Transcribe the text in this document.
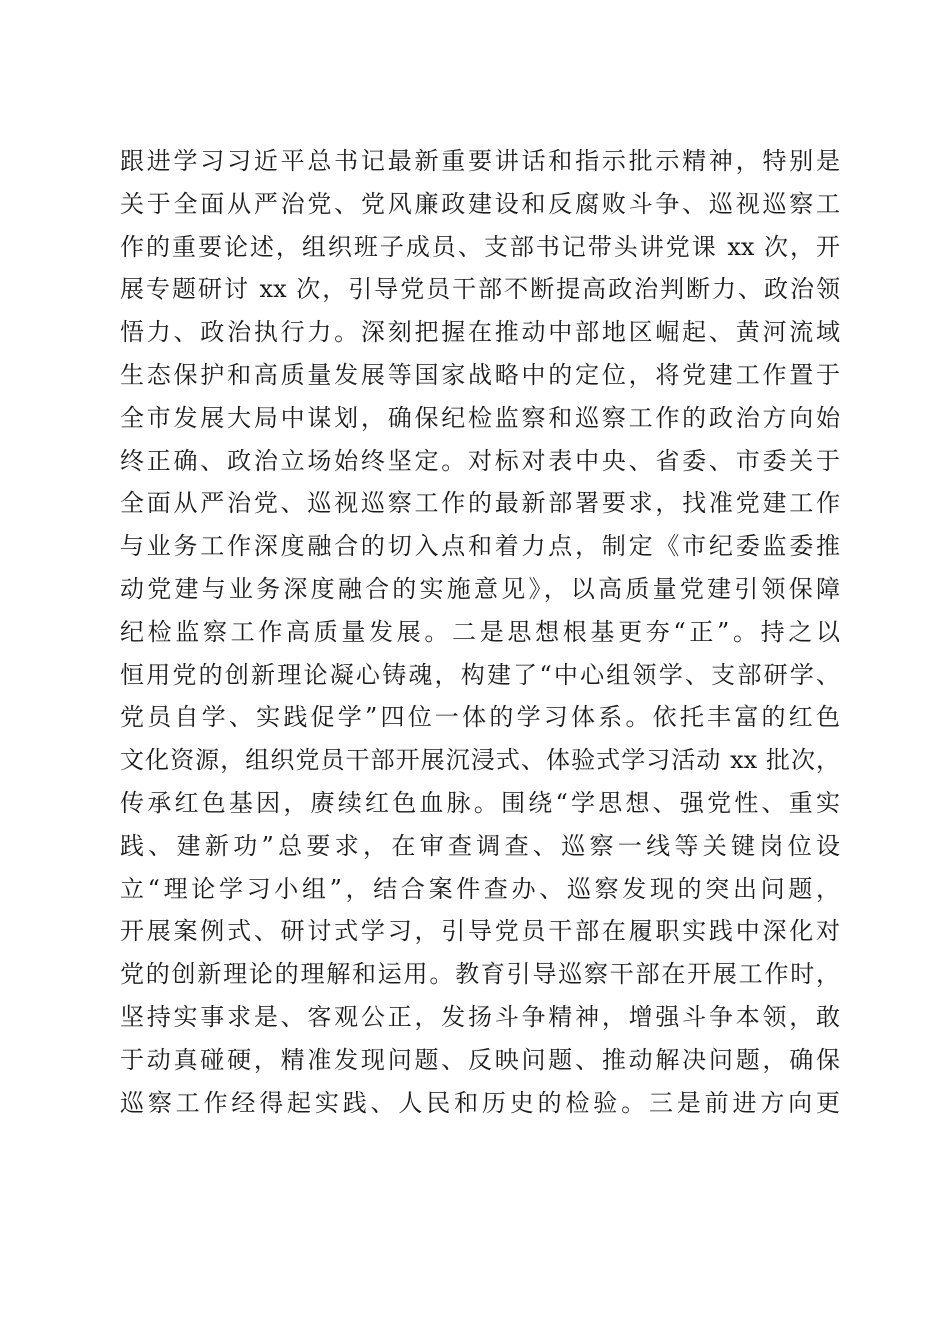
跟进学习习近平总书记最新重要讲话和指示批示精神，特别是
关于全面从严治党、党风廉政建设和反腐败斗争、巡视巡察工
作的重要论述，组织班子成员、支部书记带头讲党课 xx 次，开
展专题研讨 xx 次，引导党员干部不断提高政治判断力、政治领
悟力、政治执行力。深刻把握在推动中部地区崛起、黄河流域
生态保护和高质量发展等国家战略中的定位，将党建工作置于
全市发展大局中谋划，确保纪检监察和巡察工作的政治方向始
终正确、政治立场始终坚定。对标对表中央、省委、市委关于
全面从严治党、巡视巡察工作的最新部署要求，找准党建工作
与业务工作深度融合的切入点和着力点，制定《市纪委监委推
动党建与业务深度融合的实施意见》，以高质量党建引领保障
纪检监察工作高质量发展。二是思想根基更夯“正”。持之以
恒用党的创新理论凝心铸魂，构建了“中心组领学、支部研学、
党员自学、实践促学”四位一体的学习体系。依托丰富的红色
文化资源，组织党员干部开展沉浸式、体验式学习活动 xx 批次，
传承红色基因，赓续红色血脉。围绕“学思想、强党性、重实
践、建新功”总要求，在审查调查、巡察一线等关键岗位设
立“理论学习小组”，结合案件查办、巡察发现的突出问题，
开展案例式、研讨式学习，引导党员干部在履职实践中深化对
党的创新理论的理解和运用。教育引导巡察干部在开展工作时，
坚持实事求是、客观公正，发扬斗争精神，增强斗争本领，敢
于动真碰硬，精准发现问题、反映问题、推动解决问题，确保
巡察工作经得起实践、人民和历史的检验。三是前进方向更
